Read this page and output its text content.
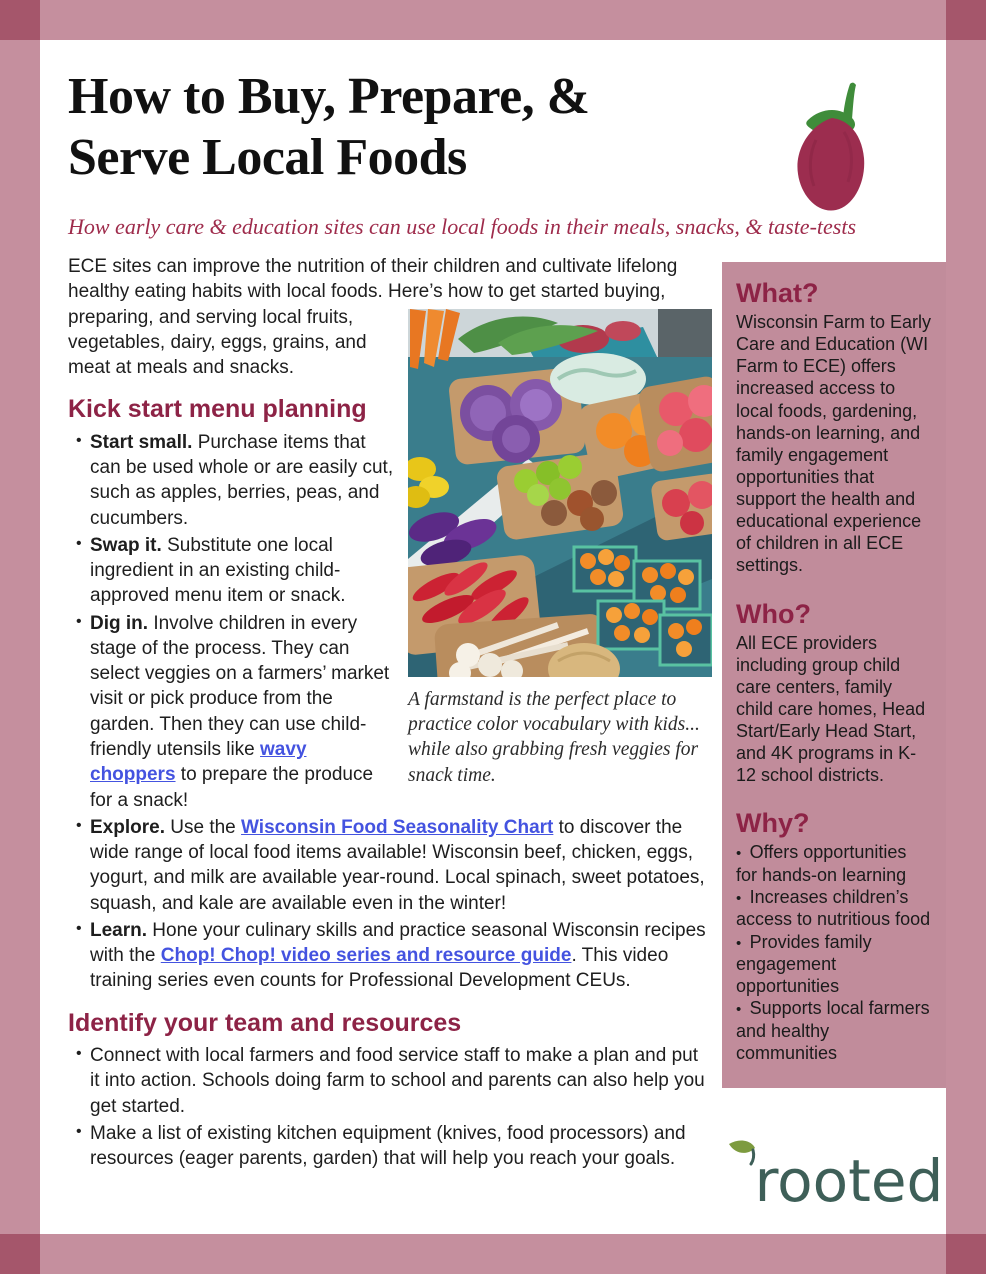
How to Buy, Prepare, &
Serve Local Foods
How early care & education sites can use local foods in their meals, snacks, & taste-tests

ECE sites can improve the nutrition of their children and cultivate lifelong healthy eating habits with local foods. Here’s how to get started buying,

A farmstand is the perfect place to practice color vocabulary with kids... while also grabbing fresh veggies for snack time.

preparing, and serving local fruits, vegetables, dairy, eggs, grains, and meat at meals and snacks.

Kick start menu planning
• Start small. Purchase items that can be used whole or are easily cut, such as apples, berries, peas, and cucumbers.
• Swap it. Substitute one local ingredient in an existing child-approved menu item or snack.
• Dig in. Involve children in every stage of the process. They can select veggies on a farmers’ market visit or pick produce from the garden. Then they can use child-friendly utensils like wavy choppers to prepare the produce for a snack!
• Explore. Use the Wisconsin Food Seasonality Chart to discover the wide range of local food items available! Wisconsin beef, chicken, eggs, yogurt, and milk are available year-round. Local spinach, sweet potatoes, squash, and kale are available even in the winter!
• Learn. Hone your culinary skills and practice seasonal Wisconsin recipes with the Chop! Chop! video series and resource guide. This video training series even counts for Professional Development CEUs.
Identify your team and resources
• Connect with local farmers and food service staff to make a plan and put it into action. Schools doing farm to school and parents can also help you get started.
• Make a list of existing kitchen equipment (knives, food processors) and resources (eager parents, garden) that will help you reach your goals.
What?

Wisconsin Farm to Early Care and Education (WI Farm to ECE) offers increased access to local foods, gardening, hands-on learning, and family engagement opportunities that support the health and educational experience of children in all ECE settings.

Who?

All ECE providers including group child care centers, family child care homes, Head Start/Early Head Start, and 4K programs in K-12 school districts.

Why?
•  Offers opportunities for hands-on learning
•  Increases children’s access to nutritious food
•  Provides family engagement opportunities
•  Supports local farmers and healthy communities
rooted
